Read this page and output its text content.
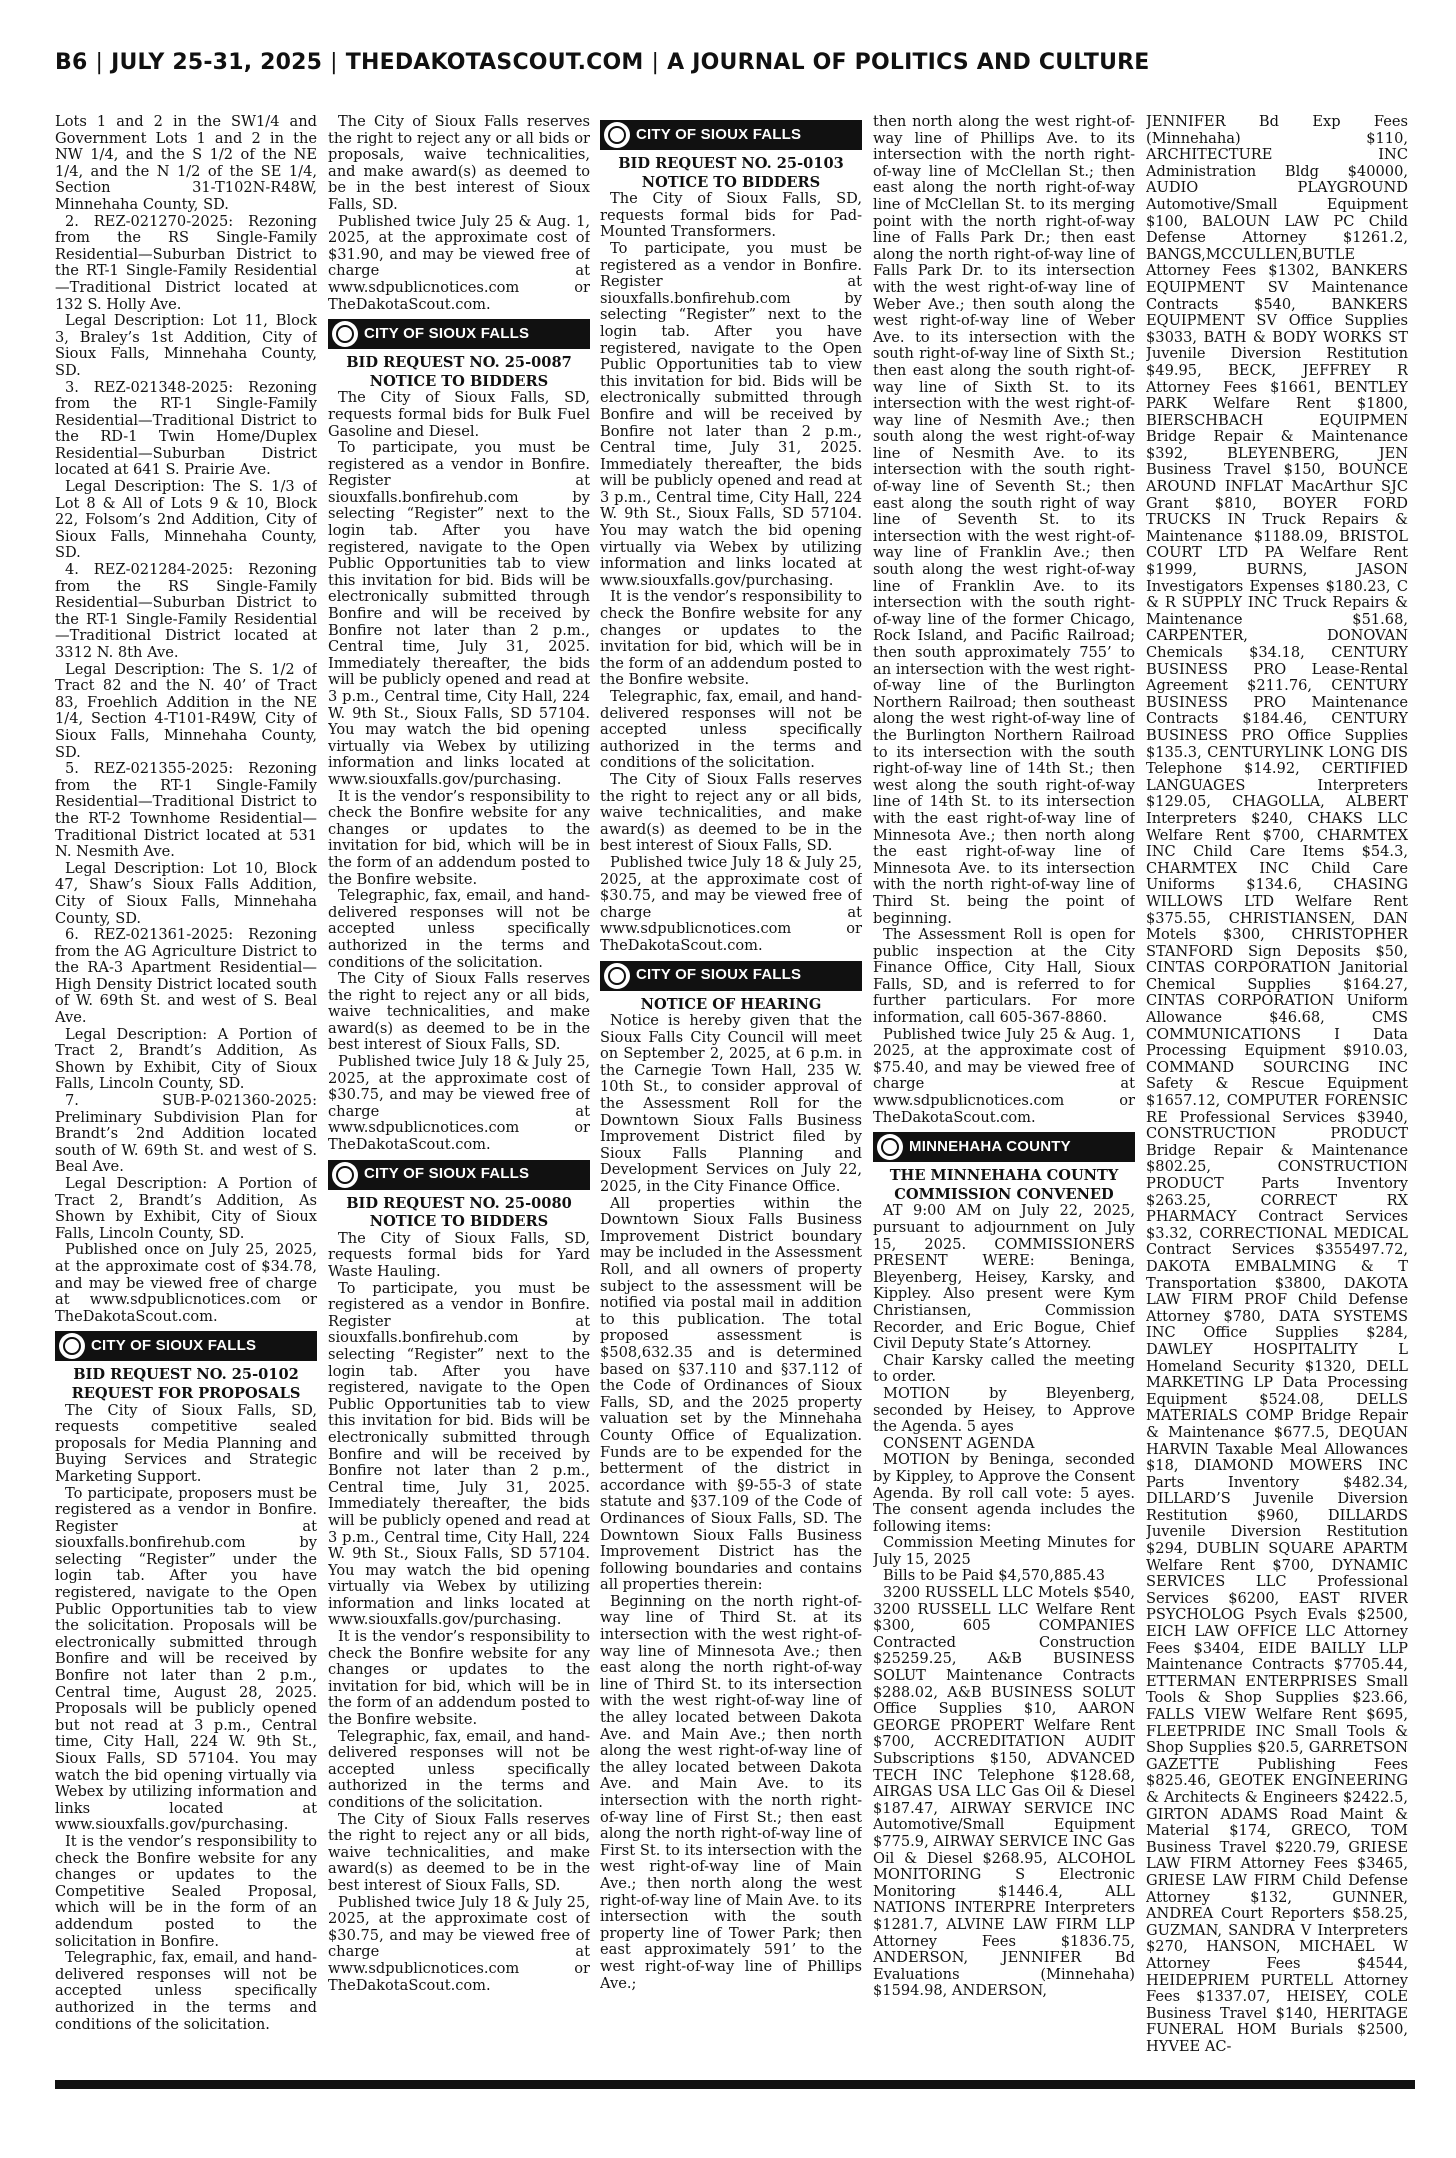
B6 | JULY 25-31, 2025 | THEDAKOTASCOUT.COM | A JOURNAL OF POLITICS AND CULTURE

Lots 1 and 2 in the SW1/4 and Government Lots 1 and 2 in the NW 1/4, and the S 1/2 of the NE 1/4, and the N 1/2 of the SE 1/4, Section 31-T102N-R48W, Minnehaha County, SD.

2. REZ-021270-2025: Rezoning from the RS Single-Family Residential—Suburban District to the RT-1 Single-Family Residential—Traditional District located at 132 S. Holly Ave.

Legal Description: Lot 11, Block 3, Braley’s 1st Addition, City of Sioux Falls, Minnehaha County, SD.

3. REZ-021348-2025: Rezoning from the RT-1 Single-Family Residential—Traditional District to the RD-1 Twin Home/Duplex Residential—Suburban District located at 641 S. Prairie Ave.

Legal Description: The S. 1/3 of Lot 8 & All of Lots 9 & 10, Block 22, Folsom’s 2nd Addition, City of Sioux Falls, Minnehaha County, SD.

4. REZ-021284-2025: Rezoning from the RS Single-Family Residential—Suburban District to the RT-1 Single-Family Residential—Traditional District located at 3312 N. 8th Ave.

Legal Description: The S. 1/2 of Tract 82 and the N. 40’ of Tract 83, Froehlich Addition in the NE 1/4, Section 4-T101-R49W, City of Sioux Falls, Minnehaha County, SD.

5. REZ-021355-2025: Rezoning from the RT-1 Single-Family Residential—Traditional District to the RT-2 Townhome Residential—Traditional District located at 531 N. Nesmith Ave.

Legal Description: Lot 10, Block 47, Shaw’s Sioux Falls Addition, City of Sioux Falls, Minnehaha County, SD.

6. REZ-021361-2025: Rezoning from the AG Agriculture District to the RA-3 Apartment Residential—High Density District located south of W. 69th St. and west of S. Beal Ave.

Legal Description: A Portion of Tract 2, Brandt’s Addition, As Shown by Exhibit, City of Sioux Falls, Lincoln County, SD.

7. SUB-P-021360-2025: Preliminary Subdivision Plan for Brandt’s 2nd Addition located south of W. 69th St. and west of S. Beal Ave.

Legal Description: A Portion of Tract 2, Brandt’s Addition, As Shown by Exhibit, City of Sioux Falls, Lincoln County, SD.

Published once on July 25, 2025, at the approximate cost of $34.78, and may be viewed free of charge at www.sdpublicnotices.com or TheDakotaScout.com.

CITY OF SIOUX FALLS

BID REQUEST NO. 25-0102

REQUEST FOR PROPOSALS

The City of Sioux Falls, SD, requests competitive sealed proposals for Media Planning and Buying Services and Strategic Marketing Support.

To participate, proposers must be registered as a vendor in Bonfire. Register at siouxfalls.bonfirehub.com by selecting “Register” under the login tab. After you have registered, navigate to the Open Public Opportunities tab to view the solicitation. Proposals will be electronically submitted through Bonfire and will be received by Bonfire not later than 2 p.m., Central time, August 28, 2025. Proposals will be publicly opened but not read at 3 p.m., Central time, City Hall, 224 W. 9th St., Sioux Falls, SD 57104. You may watch the bid opening virtually via Webex by utilizing information and links located at www.siouxfalls.gov/purchasing.

It is the vendor’s responsibility to check the Bonfire website for any changes or updates to the Competitive Sealed Proposal, which will be in the form of an addendum posted to the solicitation in Bonfire.

Telegraphic, fax, email, and hand-delivered responses will not be accepted unless specifically authorized in the terms and conditions of the solicitation.

The City of Sioux Falls reserves the right to reject any or all bids or proposals, waive technicalities, and make award(s) as deemed to be in the best interest of Sioux Falls, SD.

Published twice July 25 & Aug. 1, 2025, at the approximate cost of $31.90, and may be viewed free of charge at www.sdpublicnotices.com or TheDakotaScout.com.

CITY OF SIOUX FALLS

BID REQUEST NO. 25-0087

NOTICE TO BIDDERS

The City of Sioux Falls, SD, requests formal bids for Bulk Fuel Gasoline and Diesel.

To participate, you must be registered as a vendor in Bonfire. Register at siouxfalls.bonfirehub.com by selecting “Register” next to the login tab. After you have registered, navigate to the Open Public Opportunities tab to view this invitation for bid. Bids will be electronically submitted through Bonfire and will be received by Bonfire not later than 2 p.m., Central time, July 31, 2025. Immediately thereafter, the bids will be publicly opened and read at 3 p.m., Central time, City Hall, 224 W. 9th St., Sioux Falls, SD 57104. You may watch the bid opening virtually via Webex by utilizing information and links located at www.siouxfalls.gov/purchasing.

It is the vendor’s responsibility to check the Bonfire website for any changes or updates to the invitation for bid, which will be in the form of an addendum posted to the Bonfire website.

Telegraphic, fax, email, and hand-delivered responses will not be accepted unless specifically authorized in the terms and conditions of the solicitation.

The City of Sioux Falls reserves the right to reject any or all bids, waive technicalities, and make award(s) as deemed to be in the best interest of Sioux Falls, SD.

Published twice July 18 & July 25, 2025, at the approximate cost of $30.75, and may be viewed free of charge at www.sdpublicnotices.com or TheDakotaScout.com.

CITY OF SIOUX FALLS

BID REQUEST NO. 25-0080

NOTICE TO BIDDERS

The City of Sioux Falls, SD, requests formal bids for Yard Waste Hauling.

To participate, you must be registered as a vendor in Bonfire. Register at siouxfalls.bonfirehub.com by selecting “Register” next to the login tab. After you have registered, navigate to the Open Public Opportunities tab to view this invitation for bid. Bids will be electronically submitted through Bonfire and will be received by Bonfire not later than 2 p.m., Central time, July 31, 2025. Immediately thereafter, the bids will be publicly opened and read at 3 p.m., Central time, City Hall, 224 W. 9th St., Sioux Falls, SD 57104. You may watch the bid opening virtually via Webex by utilizing information and links located at www.siouxfalls.gov/purchasing.

It is the vendor’s responsibility to check the Bonfire website for any changes or updates to the invitation for bid, which will be in the form of an addendum posted to the Bonfire website.

Telegraphic, fax, email, and hand-delivered responses will not be accepted unless specifically authorized in the terms and conditions of the solicitation.

The City of Sioux Falls reserves the right to reject any or all bids, waive technicalities, and make award(s) as deemed to be in the best interest of Sioux Falls, SD.

Published twice July 18 & July 25, 2025, at the approximate cost of $30.75, and may be viewed free of charge at www.sdpublicnotices.com or TheDakotaScout.com.

CITY OF SIOUX FALLS

BID REQUEST NO. 25-0103

NOTICE TO BIDDERS

The City of Sioux Falls, SD, requests formal bids for Pad-Mounted Transformers.

To participate, you must be registered as a vendor in Bonfire. Register at siouxfalls.bonfirehub.com by selecting “Register” next to the login tab. After you have registered, navigate to the Open Public Opportunities tab to view this invitation for bid. Bids will be electronically submitted through Bonfire and will be received by Bonfire not later than 2 p.m., Central time, July 31, 2025. Immediately thereafter, the bids will be publicly opened and read at 3 p.m., Central time, City Hall, 224 W. 9th St., Sioux Falls, SD 57104. You may watch the bid opening virtually via Webex by utilizing information and links located at www.siouxfalls.gov/purchasing.

It is the vendor’s responsibility to check the Bonfire website for any changes or updates to the invitation for bid, which will be in the form of an addendum posted to the Bonfire website.

Telegraphic, fax, email, and hand-delivered responses will not be accepted unless specifically authorized in the terms and conditions of the solicitation.

The City of Sioux Falls reserves the right to reject any or all bids, waive technicalities, and make award(s) as deemed to be in the best interest of Sioux Falls, SD.

Published twice July 18 & July 25, 2025, at the approximate cost of $30.75, and may be viewed free of charge at www.sdpublicnotices.com or TheDakotaScout.com.

CITY OF SIOUX FALLS

NOTICE OF HEARING

Notice is hereby given that the Sioux Falls City Council will meet on September 2, 2025, at 6 p.m. in the Carnegie Town Hall, 235 W. 10th St., to consider approval of the Assessment Roll for the Downtown Sioux Falls Business Improvement District filed by Sioux Falls Planning and Development Services on July 22, 2025, in the City Finance Office.

All properties within the Downtown Sioux Falls Business Improvement District boundary may be included in the Assessment Roll, and all owners of property subject to the assessment will be notified via postal mail in addition to this publication. The total proposed assessment is $508,632.35 and is determined based on §37.110 and §37.112 of the Code of Ordinances of Sioux Falls, SD, and the 2025 property valuation set by the Minnehaha County Office of Equalization. Funds are to be expended for the betterment of the district in accordance with §9-55-3 of state statute and §37.109 of the Code of Ordinances of Sioux Falls, SD. The Downtown Sioux Falls Business Improvement District has the following boundaries and contains all properties therein:

Beginning on the north right-of-way line of Third St. at its intersection with the west right-of-way line of Minnesota Ave.; then east along the north right-of-way line of Third St. to its intersection with the west right-of-way line of the alley located between Dakota Ave. and Main Ave.; then north along the west right-of-way line of the alley located between Dakota Ave. and Main Ave. to its intersection with the north right-of-way line of First St.; then east along the north right-of-way line of First St. to its intersection with the west right-of-way line of Main Ave.; then north along the west right-of-way line of Main Ave. to its intersection with the south property line of Tower Park; then east approximately 591’ to the west right-of-way line of Phillips Ave.;

then north along the west right-of-way line of Phillips Ave. to its intersection with the north right-of-way line of McClellan St.; then east along the north right-of-way line of McClellan St. to its merging point with the north right-of-way line of Falls Park Dr.; then east along the north right-of-way line of Falls Park Dr. to its intersection with the west right-of-way line of Weber Ave.; then south along the west right-of-way line of Weber Ave. to its intersection with the south right-of-way line of Sixth St.; then east along the south right-of-way line of Sixth St. to its intersection with the west right-of-way line of Nesmith Ave.; then south along the west right-of-way line of Nesmith Ave. to its intersection with the south right-of-way line of Seventh St.; then east along the south right of way line of Seventh St. to its intersection with the west right-of-way line of Franklin Ave.; then south along the west right-of-way line of Franklin Ave. to its intersection with the south right-of-way line of the former Chicago, Rock Island, and Pacific Railroad; then south approximately 755’ to an intersection with the west right-of-way line of the Burlington Northern Railroad; then southeast along the west right-of-way line of the Burlington Northern Railroad to its intersection with the south right-of-way line of 14th St.; then west along the south right-of-way line of 14th St. to its intersection with the east right-of-way line of Minnesota Ave.; then north along the east right-of-way line of Minnesota Ave. to its intersection with the north right-of-way line of Third St. being the point of beginning.

The Assessment Roll is open for public inspection at the City Finance Office, City Hall, Sioux Falls, SD, and is referred to for further particulars. For more information, call 605-367-8860.

Published twice July 25 & Aug. 1, 2025, at the approximate cost of $75.40, and may be viewed free of charge at www.sdpublicnotices.com or TheDakotaScout.com.

MINNEHAHA COUNTY

THE MINNEHAHA COUNTY

COMMISSION CONVENED

AT 9:00 AM on July 22, 2025, pursuant to adjournment on July 15, 2025. COMMISSIONERS PRESENT WERE: Beninga, Bleyenberg, Heisey, Karsky, and Kippley. Also present were Kym Christiansen, Commission Recorder, and Eric Bogue, Chief Civil Deputy State’s Attorney.

Chair Karsky called the meeting to order.

MOTION by Bleyenberg, seconded by Heisey, to Approve the Agenda. 5 ayes

CONSENT AGENDA

MOTION by Beninga, seconded by Kippley, to Approve the Consent Agenda. By roll call vote: 5 ayes. The consent agenda includes the following items:

Commission Meeting Minutes for July 15, 2025

Bills to be Paid $4,570,885.43

3200 RUSSELL LLC Motels $540, 3200 RUSSELL LLC Welfare Rent $300, 605 COMPANIES Contracted Construction $25259.25, A&B BUSINESS SOLUT Maintenance Contracts $288.02, A&B BUSINESS SOLUT Office Supplies $10, AARON GEORGE PROPERT Welfare Rent $700, ACCREDITATION AUDIT Subscriptions $150, ADVANCED TECH INC Telephone $128.68, AIRGAS USA LLC Gas Oil & Diesel $187.47, AIRWAY SERVICE INC Automotive/Small Equipment $775.9, AIRWAY SERVICE INC Gas Oil & Diesel $268.95, ALCOHOL MONITORING S Electronic Monitoring $1446.4, ALL NATIONS INTERPRE Interpreters $1281.7, ALVINE LAW FIRM LLP Attorney Fees $1836.75, ANDERSON, JENNIFER Bd Evaluations (Minnehaha) $1594.98, ANDERSON,

JENNIFER Bd Exp Fees (Minnehaha) $110, ARCHITECTURE INC Administration Bldg $40000, AUDIO PLAYGROUND Automotive/Small Equipment $100, BALOUN LAW PC Child Defense Attorney $1261.2, BANGS,MCCULLEN,BUTLE Attorney Fees $1302, BANKERS EQUIPMENT SV Maintenance Contracts $540, BANKERS EQUIPMENT SV Office Supplies $3033, BATH & BODY WORKS ST Juvenile Diversion Restitution $49.95, BECK, JEFFREY R Attorney Fees $1661, BENTLEY PARK Welfare Rent $1800, BIERSCHBACH EQUIPMEN Bridge Repair & Maintenance $392, BLEYENBERG, JEN Business Travel $150, BOUNCE AROUND INFLAT MacArthur SJC Grant $810, BOYER FORD TRUCKS IN Truck Repairs & Maintenance $1188.09, BRISTOL COURT LTD PA Welfare Rent $1999, BURNS, JASON Investigators Expenses $180.23, C & R SUPPLY INC Truck Repairs & Maintenance $51.68, CARPENTER, DONOVAN Chemicals $34.18, CENTURY BUSINESS PRO Lease-Rental Agreement $211.76, CENTURY BUSINESS PRO Maintenance Contracts $184.46, CENTURY BUSINESS PRO Office Supplies $135.3, CENTURYLINK LONG DIS Telephone $14.92, CERTIFIED LANGUAGES Interpreters $129.05, CHAGOLLA, ALBERT Interpreters $240, CHAKS LLC Welfare Rent $700, CHARMTEX INC Child Care Items $54.3, CHARMTEX INC Child Care Uniforms $134.6, CHASING WILLOWS LTD Welfare Rent $375.55, CHRISTIANSEN, DAN Motels $300, CHRISTOPHER STANFORD Sign Deposits $50, CINTAS CORPORATION Janitorial Chemical Supplies $164.27, CINTAS CORPORATION Uniform Allowance $46.68, CMS COMMUNICATIONS I Data Processing Equipment $910.03, COMMAND SOURCING INC Safety & Rescue Equipment $1657.12, COMPUTER FORENSIC RE Professional Services $3940, CONSTRUCTION PRODUCT Bridge Repair & Maintenance $802.25, CONSTRUCTION PRODUCT Parts Inventory $263.25, CORRECT RX PHARMACY Contract Services $3.32, CORRECTIONAL MEDICAL Contract Services $355497.72, DAKOTA EMBALMING & T Transportation $3800, DAKOTA LAW FIRM PROF Child Defense Attorney $780, DATA SYSTEMS INC Office Supplies $284, DAWLEY HOSPITALITY L Homeland Security $1320, DELL MARKETING LP Data Processing Equipment $524.08, DELLS MATERIALS COMP Bridge Repair & Maintenance $677.5, DEQUAN HARVIN Taxable Meal Allowances $18, DIAMOND MOWERS INC Parts Inventory $482.34, DILLARD’S Juvenile Diversion Restitution $960, DILLARDS Juvenile Diversion Restitution $294, DUBLIN SQUARE APARTM Welfare Rent $700, DYNAMIC SERVICES LLC Professional Services $6200, EAST RIVER PSYCHOLOG Psych Evals $2500, EICH LAW OFFICE LLC Attorney Fees $3404, EIDE BAILLY LLP Maintenance Contracts $7705.44, ETTERMAN ENTERPRISES Small Tools & Shop Supplies $23.66, FALLS VIEW Welfare Rent $695, FLEETPRIDE INC Small Tools & Shop Supplies $20.5, GARRETSON GAZETTE Publishing Fees $825.46, GEOTEK ENGINEERING & Architects & Engineers $2422.5, GIRTON ADAMS Road Maint & Material $174, GRECO, TOM Business Travel $220.79, GRIESE LAW FIRM Attorney Fees $3465, GRIESE LAW FIRM Child Defense Attorney $132, GUNNER, ANDREA Court Reporters $58.25, GUZMAN, SANDRA V Interpreters $270, HANSON, MICHAEL W Attorney Fees $4544, HEIDEPRIEM PURTELL Attorney Fees $1337.07, HEISEY, COLE Business Travel $140, HERITAGE FUNERAL HOM Burials $2500, HYVEE AC-
